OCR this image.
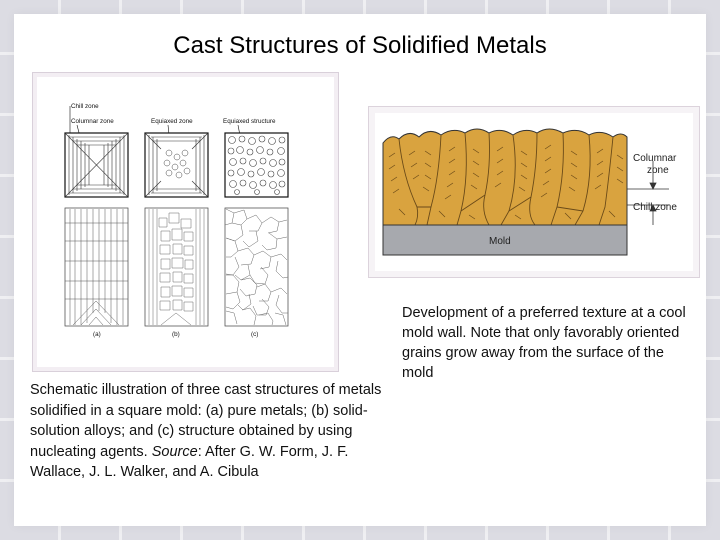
Cast Structures of Solidified Metals
Chill zone
Columnar zone	Equiaxed zone	Equiaxed structure
(a)	(b)	(c)
Mold
Columnar
zone
Chill zone
Development of a preferred texture at a cool mold wall. Note that only favorably oriented grains grow away from the surface of the mold
Schematic illustration of three cast structures of metals solidified in a square mold: (a) pure metals; (b) solid-solution alloys; and (c) structure obtained by using nucleating agents. Source: After G. W. Form, J. F. Wallace, J. L. Walker, and A. Cibula
